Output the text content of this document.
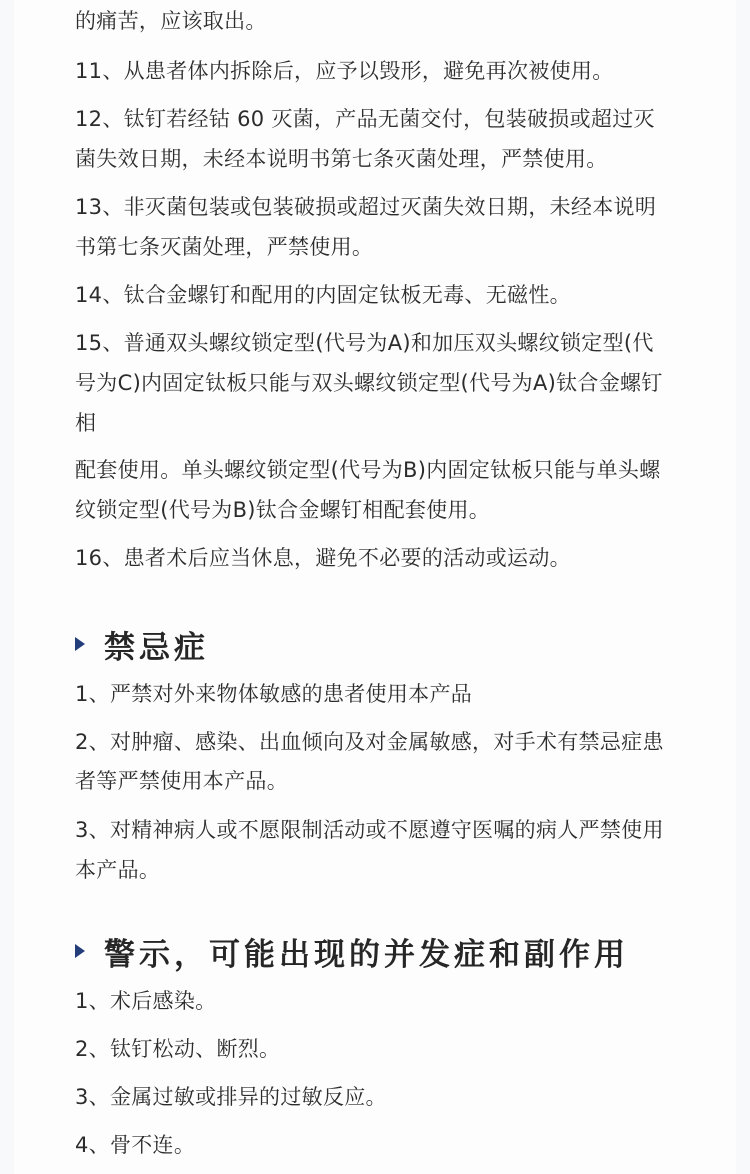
的痛苦，应该取出。
11、从患者体内拆除后，应予以毁形，避免再次被使用。
12、钛钉若经钴 60 灭菌，产品无菌交付，包装破损或超过灭
菌失效日期，未经本说明书第七条灭菌处理，严禁使用。
13、非灭菌包装或包装破损或超过灭菌失效日期，未经本说明
书第七条灭菌处理，严禁使用。
14、钛合金螺钉和配用的内固定钛板无毒、无磁性。
15、普通双头螺纹锁定型(代号为A)和加压双头螺纹锁定型(代
号为C)内固定钛板只能与双头螺纹锁定型(代号为A)钛合金螺钉
相
配套使用。单头螺纹锁定型(代号为B)内固定钛板只能与单头螺
纹锁定型(代号为B)钛合金螺钉相配套使用。
16、患者术后应当休息，避免不必要的活动或运动。
禁忌症
1、严禁对外来物体敏感的患者使用本产品
2、对肿瘤、感染、出血倾向及对金属敏感，对手术有禁忌症患
者等严禁使用本产品。
3、对精神病人或不愿限制活动或不愿遵守医嘱的病人严禁使用
本产品。
警示，可能出现的并发症和副作用
1、术后感染。
2、钛钉松动、断烈。
3、金属过敏或排异的过敏反应。
4、骨不连。
